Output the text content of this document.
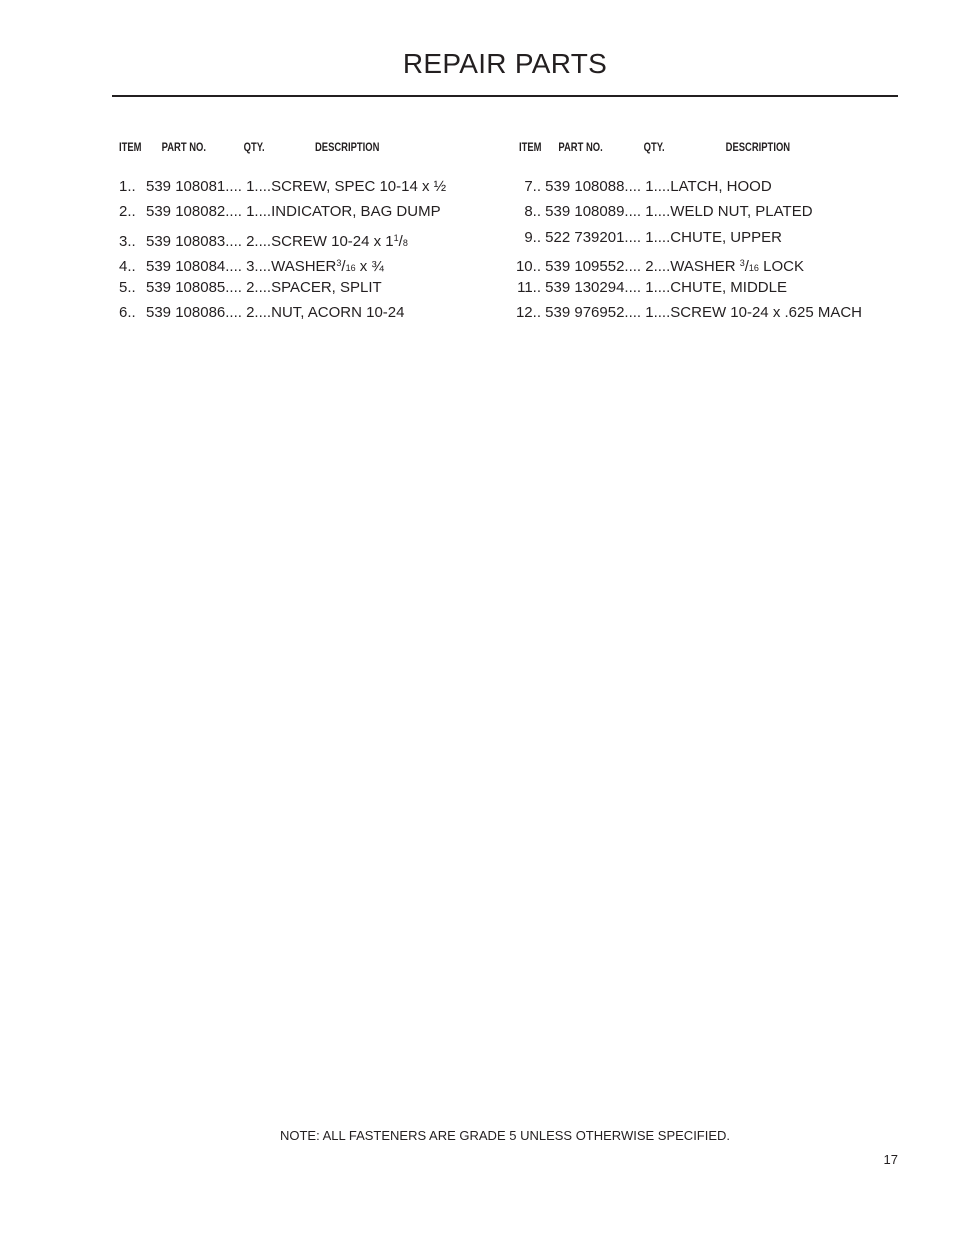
REPAIR PARTS
ITEM PART NO.	QTY.	DESCRIPTION
1.. 539 108081.... 1....SCREW, SPEC 10-14 x ½
2.. 539 108082.... 1....INDICATOR, BAG DUMP
3.. 539 108083.... 2....SCREW 10-24 x 11/8
4.. 539 108084.... 3....WASHER3/16 x ¾
5.. 539 108085.... 2....SPACER, SPLIT
6.. 539 108086.... 2....NUT, ACORN 10-24
ITEM PART NO.	QTY.	DESCRIPTION
7.. 539 108088.... 1....LATCH, HOOD
8.. 539 108089.... 1....WELD NUT, PLATED
9.. 522 739201.... 1....CHUTE, UPPER
10.. 539 109552.... 2....WASHER 3/16 LOCK
11.. 539 130294.... 1....CHUTE, MIDDLE
12.. 539 976952.... 1....SCREW 10-24 x .625 MACH
NOTE: ALL FASTENERS ARE GRADE 5 UNLESS OTHERWISE SPECIFIED.
17
